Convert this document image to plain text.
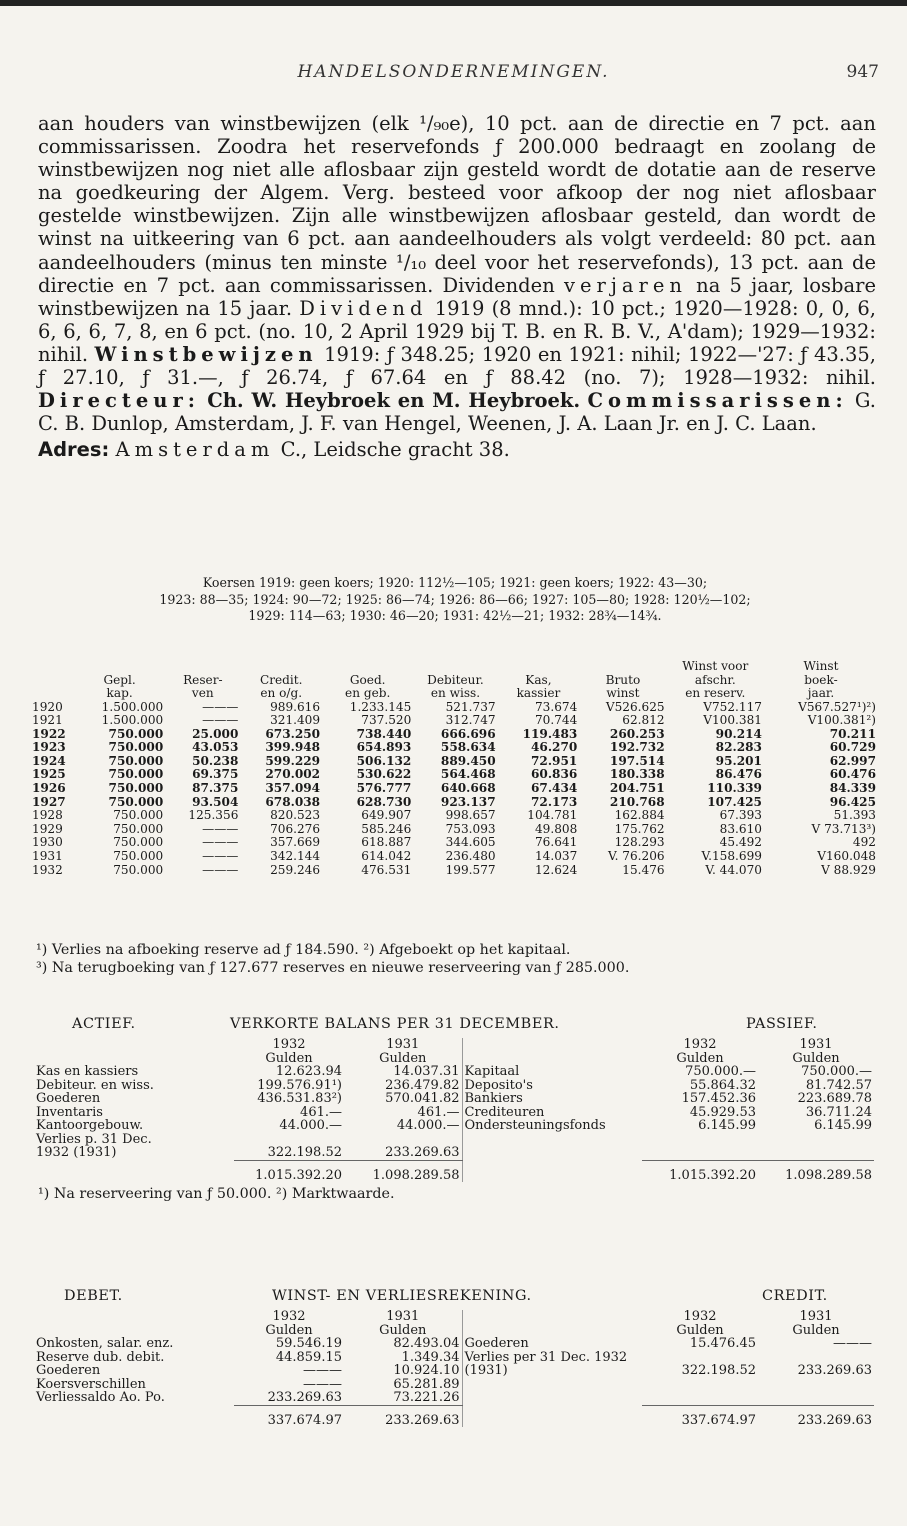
HANDELSONDERNEMINGEN.	947

aan houders van winstbewijzen (elk ¹/₉₀e), 10 pct. aan de directie en 7 pct. aan commissarissen. Zoodra het reservefonds ƒ 200.000 bedraagt en zoolang de winstbewijzen nog niet alle aflosbaar zijn gesteld wordt de dotatie aan de reserve na goedkeuring der Algem. Verg. besteed voor afkoop der nog niet aflosbaar gestelde winstbewijzen. Zijn alle winstbewijzen aflosbaar gesteld, dan wordt de winst na uitkeering van 6 pct. aan aandeelhouders als volgt verdeeld: 80 pct. aan aandeelhouders (minus ten minste ¹/₁₀ deel voor het reservefonds), 13 pct. aan de directie en 7 pct. aan commissarissen. Dividenden verjaren na 5 jaar, losbare winstbewijzen na 15 jaar. Dividend 1919 (8 mnd.): 10 pct.; 1920—1928: 0, 0, 6, 6, 6, 6, 7, 8, en 6 pct. (no. 10, 2 April 1929 bij T. B. en R. B. V., A'dam); 1929—1932: nihil. Winstbewijzen 1919: ƒ 348.25; 1920 en 1921: nihil; 1922—'27: ƒ 43.35, ƒ 27.10, ƒ 31.—, ƒ 26.74, ƒ 67.64 en ƒ 88.42 (no. 7); 1928—1932: nihil. Directeur: Ch. W. Heybroek en M. Heybroek. Commissarissen: G. C. B. Dunlop, Amsterdam, J. F. van Hengel, Weenen, J. A. Laan Jr. en J. C. Laan.

Adres: Amsterdam C., Leidsche gracht 38.

Koersen 1919: geen koers; 1920: 112½—105; 1921: geen koers; 1922: 43—30;
1923: 88—35; 1924: 90—72; 1925: 86—74; 1926: 86—66; 1927: 105—80; 1928: 120½—102;
1929: 114—63; 1930: 46—20; 1931: 42½—21; 1932: 28¾—14¾.
								Winst voor	Winst
	Gepl.	Reser-	Credit.	Goed.	Debiteur.	Kas,	Bruto	afschr.	boek-
	kap.	ven	en o/g.	en geb.	en wiss.	kassier	winst	en reserv.	jaar.
1920	1.500.000	———	989.616	1.233.145	521.737	73.674	V526.625	V752.117	V567.527¹)²)
1921	1.500.000	———	321.409	737.520	312.747	70.744	62.812	V100.381	V100.381²)
1922	750.000	25.000	673.250	738.440	666.696	119.483	260.253	90.214	70.211
1923	750.000	43.053	399.948	654.893	558.634	46.270	192.732	82.283	60.729
1924	750.000	50.238	599.229	506.132	889.450	72.951	197.514	95.201	62.997
1925	750.000	69.375	270.002	530.622	564.468	60.836	180.338	86.476	60.476
1926	750.000	87.375	357.094	576.777	640.668	67.434	204.751	110.339	84.339
1927	750.000	93.504	678.038	628.730	923.137	72.173	210.768	107.425	96.425
1928	750.000	125.356	820.523	649.907	998.657	104.781	162.884	67.393	51.393
1929	750.000	———	706.276	585.246	753.093	49.808	175.762	83.610	V 73.713³)
1930	750.000	———	357.669	618.887	344.605	76.641	128.293	45.492	492
1931	750.000	———	342.144	614.042	236.480	14.037	V. 76.206	V.158.699	V160.048
1932	750.000	———	259.246	476.531	199.577	12.624	15.476	V. 44.070	V 88.929
¹) Verlies na afboeking reserve ad ƒ 184.590. ²) Afgeboekt op het kapitaal.
³) Na terugboeking van ƒ 127.677 reserves en nieuwe reserveering van ƒ 285.000.
ACTIEF.	VERKORTE BALANS PER 31 DECEMBER.	PASSIEF.
	1932	1931		1932	1931
	Gulden	Gulden		Gulden	Gulden
Kas en kassiers	12.623.94	14.037.31	Kapitaal	750.000.—	750.000.—
Debiteur. en wiss.	199.576.91¹)	236.479.82	Deposito's	55.864.32	81.742.57
Goederen	436.531.83²)	570.041.82	Bankiers	157.452.36	223.689.78
Inventaris	461.—	461.—	Crediteuren	45.929.53	36.711.24
Kantoorgebouw.	44.000.—	44.000.—	Ondersteuningsfonds	6.145.99	6.145.99
Verlies p. 31 Dec.					
1932 (1931)	322.198.52	233.269.63			
	1.015.392.20	1.098.289.58		1.015.392.20	1.098.289.58
¹) Na reserveering van ƒ 50.000. ²) Marktwaarde.
DEBET.	WINST- EN VERLIESREKENING.	CREDIT.
	1932	1931		1932	1931
	Gulden	Gulden		Gulden	Gulden
Onkosten, salar. enz.	59.546.19	82.493.04	Goederen	15.476.45	———
Reserve dub. debit.	44.859.15	1.349.34	Verlies per 31 Dec. 1932		
Goederen	———	10.924.10	(1931)	322.198.52	233.269.63
Koersverschillen	———	65.281.89			
Verliessaldo Ao. Po.	233.269.63	73.221.26			
	337.674.97	233.269.63		337.674.97	233.269.63
